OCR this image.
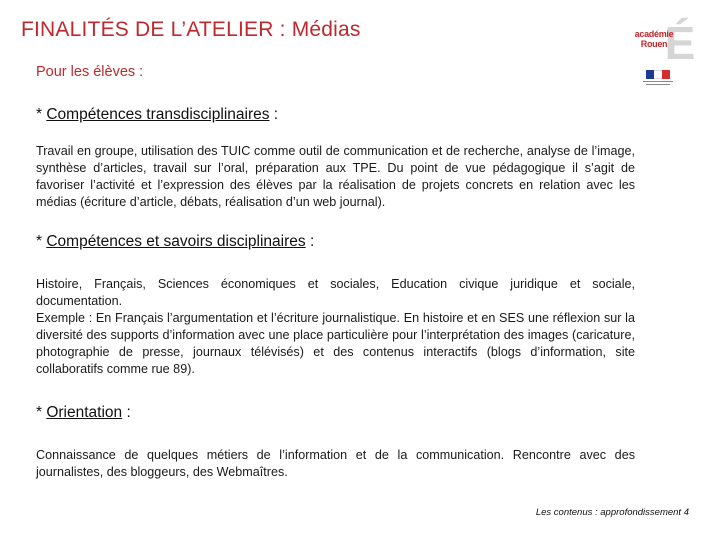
FINALITÉS DE L’ATELIER : Médias
Pour les élèves :
É
académie
Rouen
* Compétences transdisciplinaires :

Travail en groupe, utilisation des TUIC comme outil de communication et de recherche, analyse de l’image, synthèse d’articles, travail sur l’oral, préparation aux TPE. Du point de vue pédagogique il s’agit de favoriser l’activité et l’expression des élèves par la réalisation de projets concrets en relation avec les médias (écriture d’article, débats, réalisation d’un web journal).

* Compétences et savoirs disciplinaires :

Histoire, Français, Sciences économiques et sociales, Education civique juridique et sociale, documentation.

Exemple : En Français l’argumentation et l’écriture journalistique. En histoire et en SES une réflexion sur la diversité des supports d’information avec une place particulière pour l’interprétation des images (caricature, photographie de presse, journaux télévisés) et des contenus interactifs (blogs d’information, site collaboratifs comme rue 89).

* Orientation :

Connaissance de quelques métiers de l’information et de la communication. Rencontre avec des journalistes, des bloggeurs, des Webmaîtres.

Les contenus : approfondissement 4
